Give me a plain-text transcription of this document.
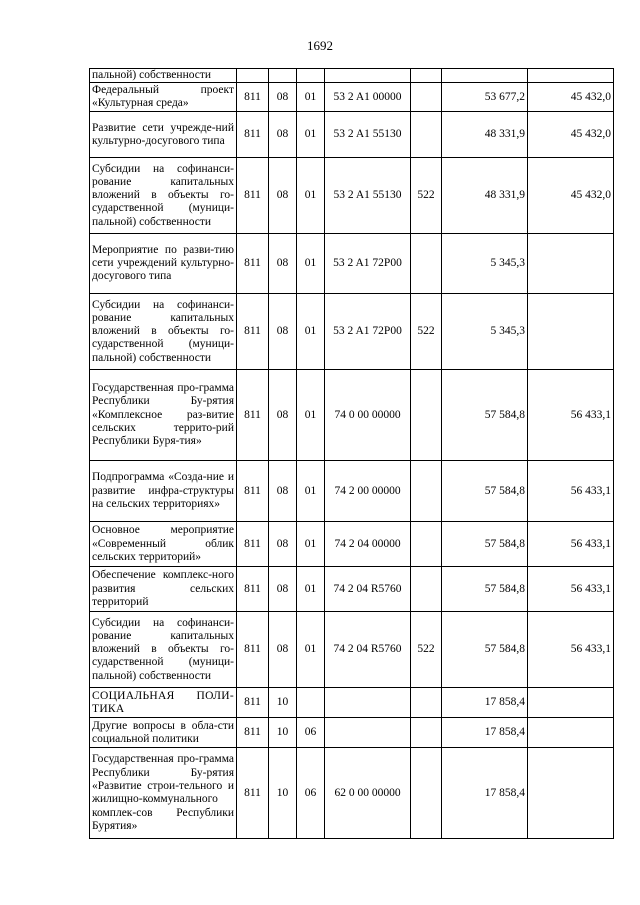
1692
пальной) собственности							
Федеральный проект «Культурная среда»	811	08	01	53 2 A1 00000		53 677,2	45 432,0
Развитие сети учрежде-ний культурно-досугового типа	811	08	01	53 2 A1 55130		48 331,9	45 432,0
Субсидии на софинанси-рование капитальных вложений в объекты го-сударственной (муници-пальной) собственности	811	08	01	53 2 A1 55130	522	48 331,9	45 432,0
Мероприятие по разви-тию сети учреждений культурно-досугового типа	811	08	01	53 2 A1 72P00		5 345,3	
Субсидии на софинанси-рование капитальных вложений в объекты го-сударственной (муници-пальной) собственности	811	08	01	53 2 A1 72P00	522	5 345,3	
Государственная про-грамма Республики Бу-рятия «Комплексное раз-витие сельских террито-рий Республики Буря-тия»	811	08	01	74 0 00 00000		57 584,8	56 433,1
Подпрограмма «Созда-ние и развитие инфра-структуры на сельских территориях»	811	08	01	74 2 00 00000		57 584,8	56 433,1
Основное мероприятие «Современный облик сельских территорий»	811	08	01	74 2 04 00000		57 584,8	56 433,1
Обеспечение комплекс-ного развития сельских территорий	811	08	01	74 2 04 R5760		57 584,8	56 433,1
Субсидии на софинанси-рование капитальных вложений в объекты го-сударственной (муници-пальной) собственности	811	08	01	74 2 04 R5760	522	57 584,8	56 433,1
СОЦИАЛЬНАЯ ПОЛИ-ТИКА	811	10				17 858,4	
Другие вопросы в обла-сти социальной политики	811	10	06			17 858,4	
Государственная про-грамма Республики Бу-рятия «Развитие строи-тельного и жилищно-коммунального комплек-сов Республики Бурятия»	811	10	06	62 0 00 00000		17 858,4	
